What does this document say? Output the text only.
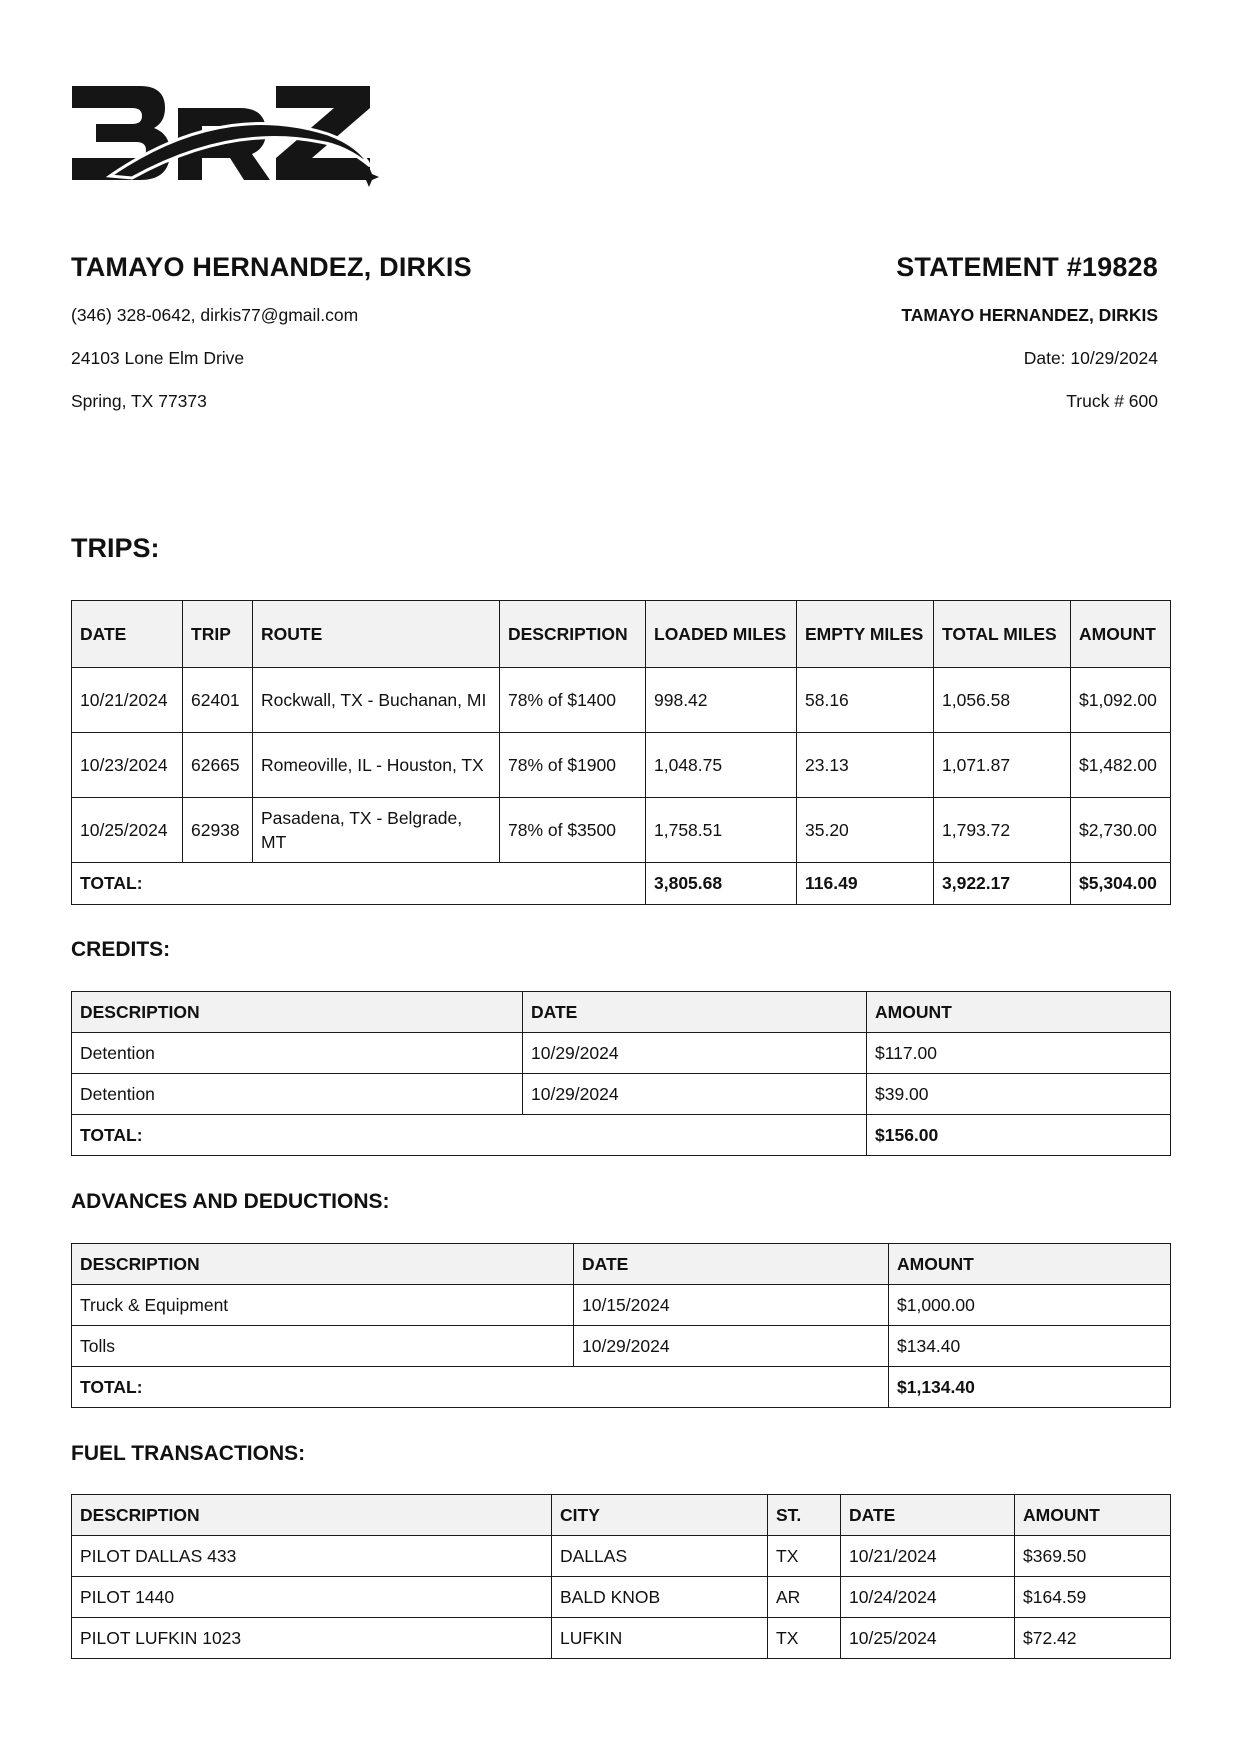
TAMAYO HERNANDEZ, DIRKIS
(346) 328-0642, dirkis77@gmail.com
24103 Lone Elm Drive
Spring, TX 77373
STATEMENT #19828
TAMAYO HERNANDEZ, DIRKIS
Date: 10/29/2024
Truck # 600
TRIPS:
DATE	TRIP	ROUTE	DESCRIPTION	LOADED MILES	EMPTY MILES	TOTAL MILES	AMOUNT
10/21/2024	62401	Rockwall, TX - Buchanan, MI	78% of $1400	998.42	58.16	1,056.58	$1,092.00
10/23/2024	62665	Romeoville, IL - Houston, TX	78% of $1900	1,048.75	23.13	1,071.87	$1,482.00
10/25/2024	62938	Pasadena, TX - Belgrade, MT	78% of $3500	1,758.51	35.20	1,793.72	$2,730.00
TOTAL:				3,805.68	116.49	3,922.17	$5,304.00
CREDITS:
DESCRIPTION	DATE	AMOUNT
Detention	10/29/2024	$117.00
Detention	10/29/2024	$39.00
TOTAL:		$156.00
ADVANCES AND DEDUCTIONS:
DESCRIPTION	DATE	AMOUNT
Truck & Equipment	10/15/2024	$1,000.00
Tolls	10/29/2024	$134.40
TOTAL:		$1,134.40
FUEL TRANSACTIONS:
DESCRIPTION	CITY	ST.	DATE	AMOUNT
PILOT DALLAS 433	DALLAS	TX	10/21/2024	$369.50
PILOT 1440	BALD KNOB	AR	10/24/2024	$164.59
PILOT LUFKIN 1023	LUFKIN	TX	10/25/2024	$72.42
